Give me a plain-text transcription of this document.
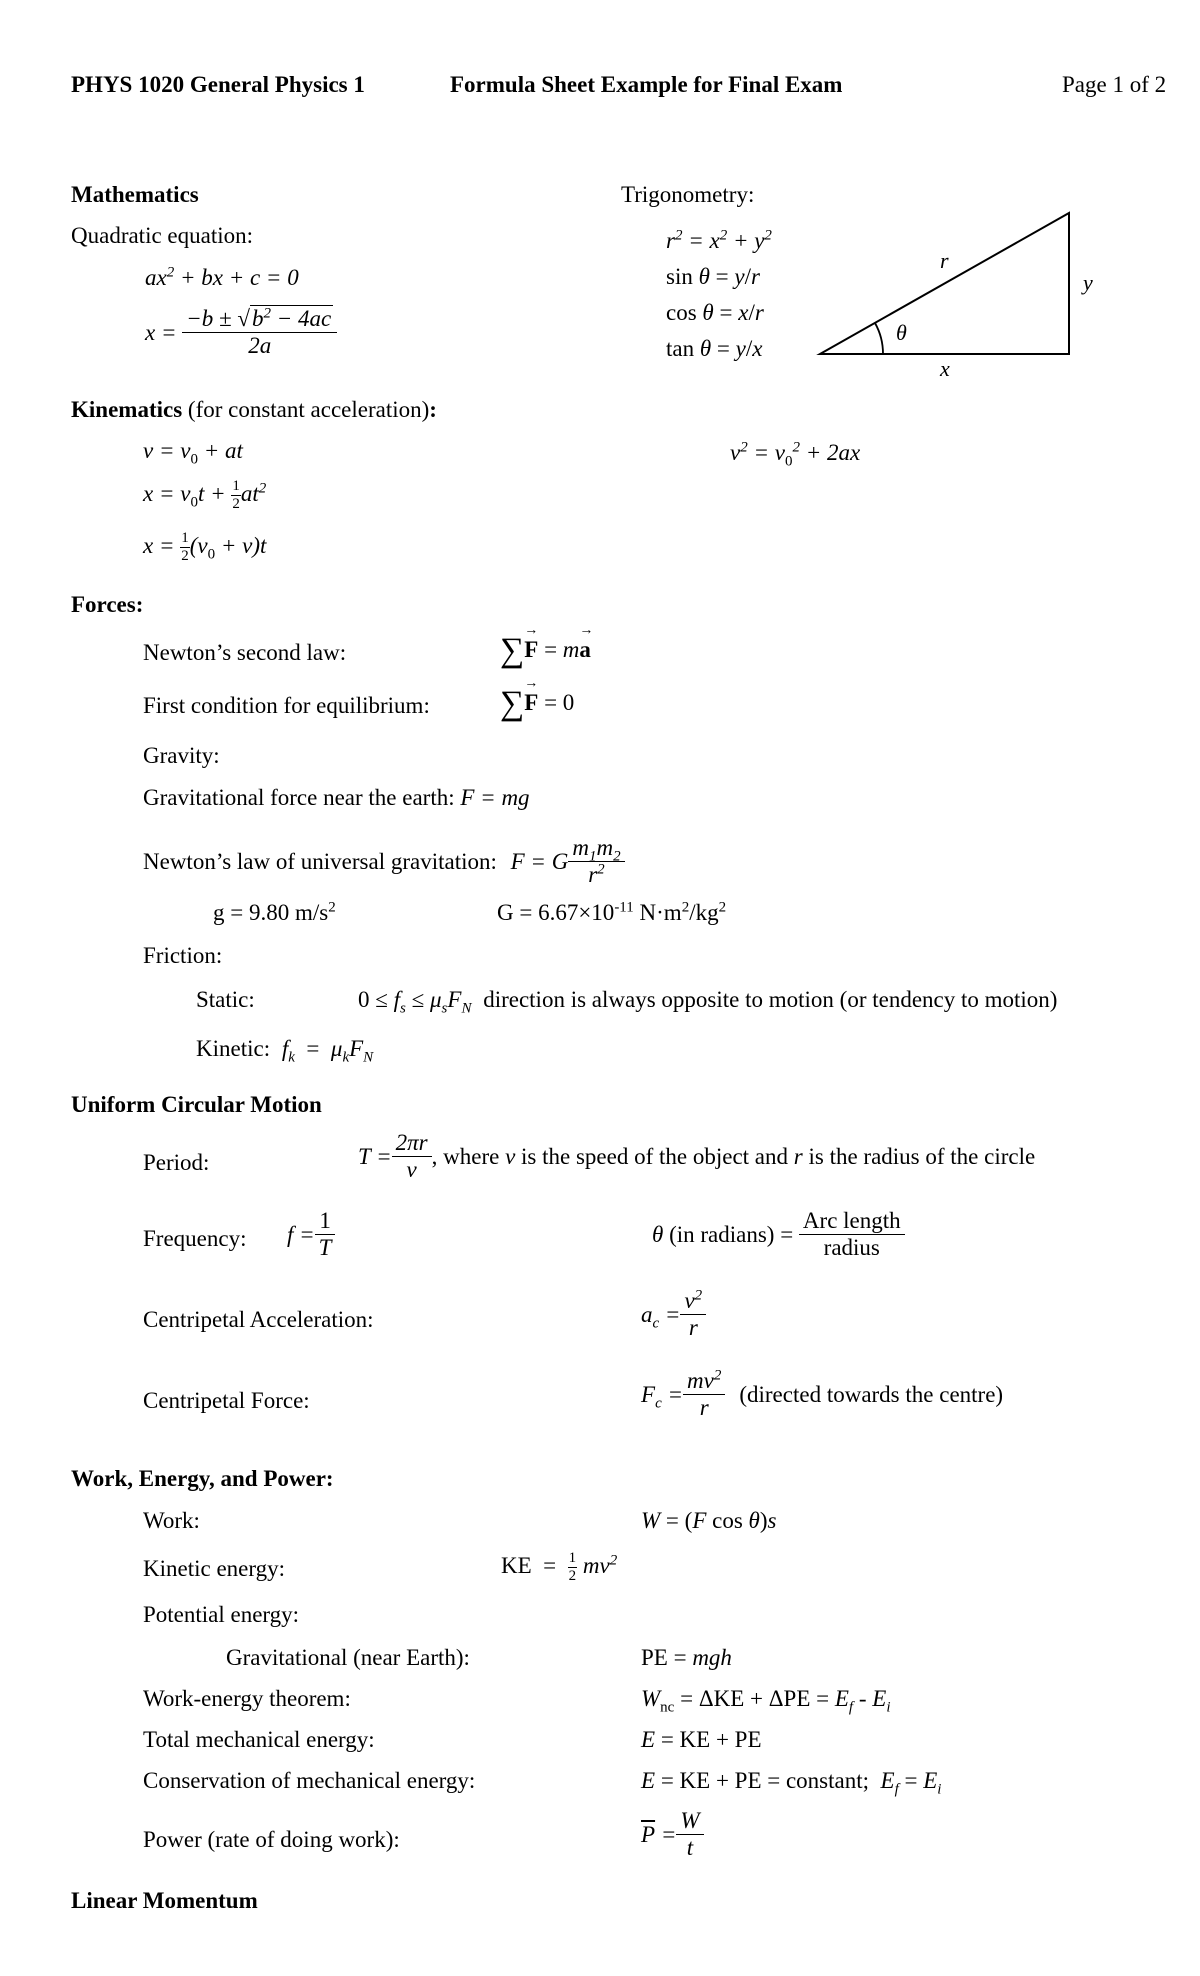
PHYS 1020 General Physics 1	Formula Sheet Example for Final Exam	Page 1 of 2
Mathematics
Quadratic equation:
$ax^2$ + bx + c = 0
$x = \frac{-b \pm √b^2 - 4ac}{2a}$
Trigonometry:
$r^2 = x^2 + y^2$
sin θ = y/r
cos θ = x/r
tan θ = y/x
r
y
x
θ
Kinematics (for constant acceleration):
$v = v_0$ + at
$x = v_0t + \frac{1}{2} at^2$
$x = \frac{1}{2} (v_0 + v)t$
$v^2 = v_0^2 + 2ax$
Forces:
Newton’s second law:	∑→ F = m→ a
First condition for equilibrium: ∑→ F = 0
Gravity:
Gravitational force near the earth: F = mg
Newton’s law of universal gravitation: F = G $\frac{m_1m_2}{r^2}$
g = 9.80 $m/s^2$	$G = 6.67\times 10^{-11}$ $N\cdot m^2/kg^2$
Friction:
Static:	$0 \le f_s \le \mu_sF_N$ direction is always opposite to motion (or tendency to motion)
Kinetic: $f_k = \mu_kF_N$
Uniform Circular Motion
Period:	$T = \frac{2\pi r}{v}$ , where v is the speed of the object and r is the radius of the circle
Frequency: $f = \frac{1}{T}$	θ (in radians) = $\frac{\text{Arc length}}{\text{radius}}$
Centripetal Acceleration:	$a_c = \frac{v^2}{r}$
Centripetal Force:	$F_c = \frac{mv^2}{r}$ (directed towards the centre)
Work, Energy, and Power:
Work:	W = (F cos θ)s
Kinetic energy:	KE  = $\frac{1}{2} mv^2$
Potential energy:
Gravitational (near Earth):	PE = mgh
Work-energy theorem:	$W_{nc} = \Delta KE + \Delta PE = E_f - E_i$
Total mechanical energy:	E = KE + PE
Conservation of mechanical energy:	E = KE + PE = constant;  $E_f = E_i$
Power (rate of doing work):	$\overline{P} = \frac{W}{t}$
Linear Momentum
